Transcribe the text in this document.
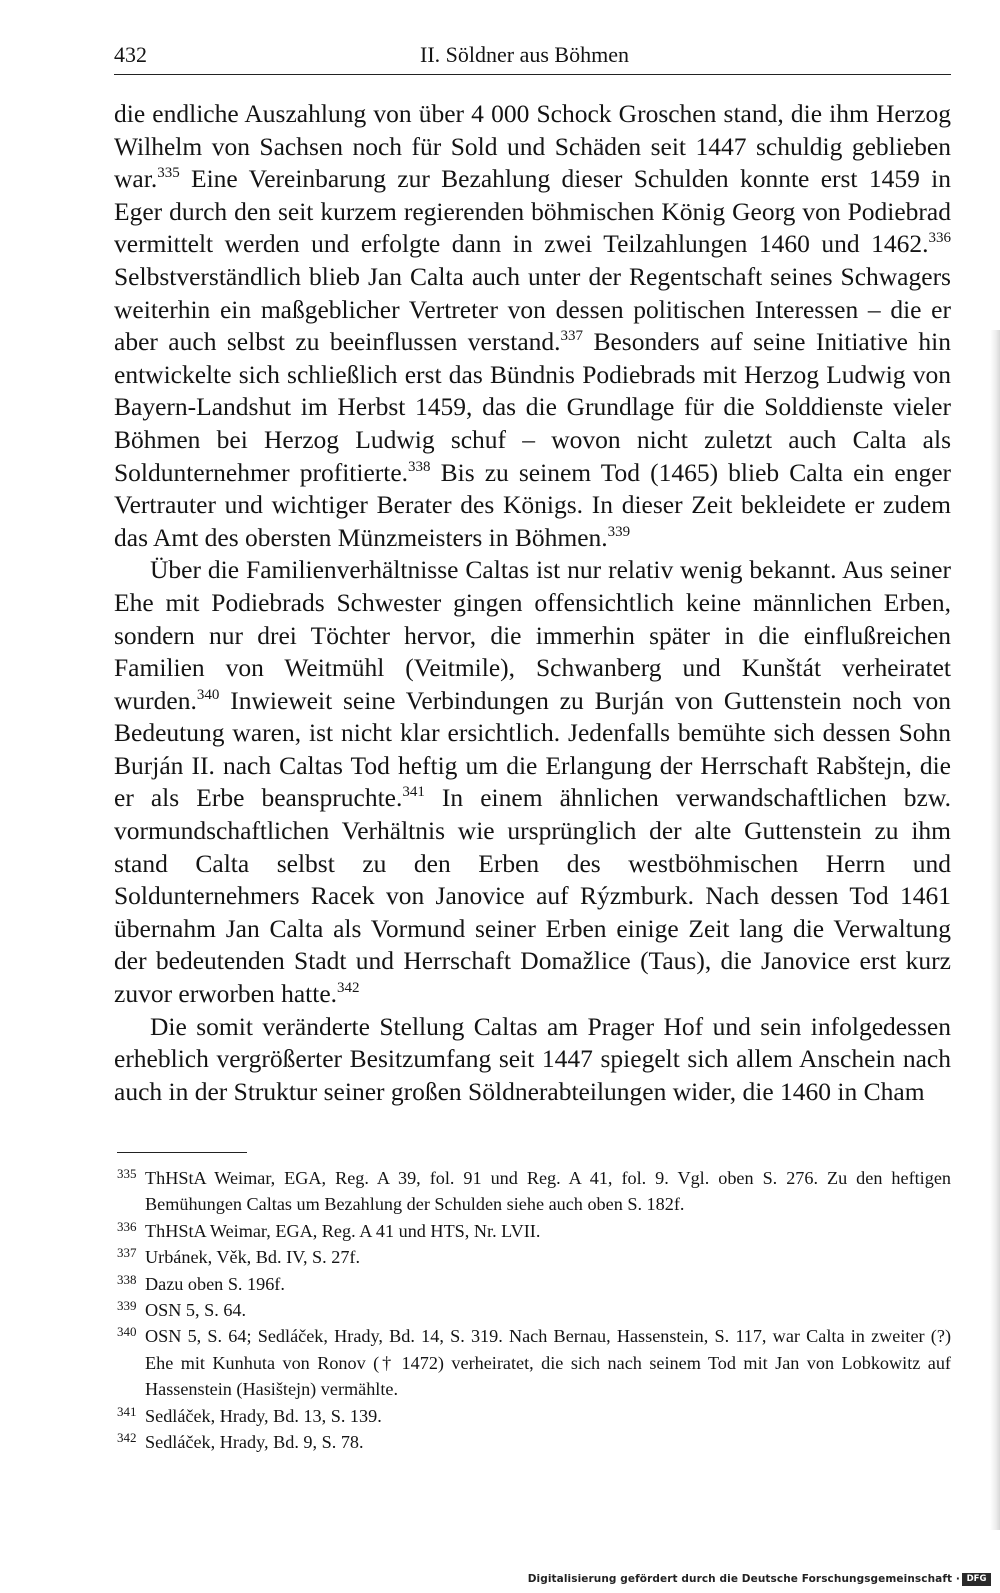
432	II. Söldner aus Böhmen

die endliche Auszahlung von über 4 000 Schock Groschen stand, die ihm Herzog Wilhelm von Sachsen noch für Sold und Schäden seit 1447 schuldig geblieben war.$^{335}$ Eine Vereinbarung zur Bezahlung dieser Schulden konnte erst 1459 in Eger durch den seit kurzem regierenden böhmischen König Georg von Podiebrad vermittelt werden und erfolgte dann in zwei Teilzahlungen 1460 und 1462.$^{336}$ Selbstverständlich blieb Jan Calta auch unter der Regentschaft seines Schwagers weiterhin ein maßgeblicher Vertreter von dessen politischen Interessen – die er aber auch selbst zu beeinflussen verstand.$^{337}$ Besonders auf seine Initiative hin entwickelte sich schließlich erst das Bündnis Podiebrads mit Herzog Ludwig von Bayern-Landshut im Herbst 1459, das die Grundlage für die Solddienste vieler Böhmen bei Herzog Ludwig schuf – wovon nicht zuletzt auch Calta als Soldunternehmer profitierte.$^{338}$ Bis zu seinem Tod (1465) blieb Calta ein enger Vertrauter und wichtiger Berater des Königs. In dieser Zeit bekleidete er zudem das Amt des obersten Münzmeisters in Böhmen.$^{339}$

Über die Familienverhältnisse Caltas ist nur relativ wenig bekannt. Aus seiner Ehe mit Podiebrads Schwester gingen offensichtlich keine männlichen Erben, sondern nur drei Töchter hervor, die immerhin später in die einflußreichen Familien von Weitmühl (Veitmile), Schwanberg und Kunštát verheiratet wurden.$^{340}$ Inwieweit seine Verbindungen zu Burján von Guttenstein noch von Bedeutung waren, ist nicht klar ersichtlich. Jedenfalls bemühte sich dessen Sohn Burján II. nach Caltas Tod heftig um die Erlangung der Herrschaft Rabštejn, die er als Erbe beanspruchte.$^{341}$ In einem ähnlichen verwandschaftlichen bzw. vormundschaftlichen Verhältnis wie ursprünglich der alte Guttenstein zu ihm stand Calta selbst zu den Erben des westböhmischen Herrn und Soldunternehmers Racek von Janovice auf Rýzmburk. Nach dessen Tod 1461 übernahm Jan Calta als Vormund seiner Erben einige Zeit lang die Verwaltung der bedeutenden Stadt und Herrschaft Domažlice (Taus), die Janovice erst kurz zuvor erworben hatte.$^{342}$

Die somit veränderte Stellung Caltas am Prager Hof und sein infolgedessen erheblich vergrößerter Besitzumfang seit 1447 spiegelt sich allem Anschein nach auch in der Struktur seiner großen Söldnerabteilungen wider, die 1460 in Cham

335 ThHStA Weimar, EGA, Reg. A 39, fol. 91 und Reg. A 41, fol. 9. Vgl. oben S. 276. Zu den heftigen Bemühungen Caltas um Bezahlung der Schulden siehe auch oben S. 182f.
336 ThHStA Weimar, EGA, Reg. A 41 und HTS, Nr. LVII.
337 Urbánek, Věk, Bd. IV, S. 27f.
338 Dazu oben S. 196f.
339 OSN 5, S. 64.
340 OSN 5, S. 64; Sedláček, Hrady, Bd. 14, S. 319. Nach Bernau, Hassenstein, S. 117, war Calta in zweiter (?) Ehe mit Kunhuta von Ronov († 1472) verheiratet, die sich nach seinem Tod mit Jan von Lobkowitz auf Hassenstein (Hasištejn) vermählte.
341 Sedláček, Hrady, Bd. 13, S. 139.
342 Sedláček, Hrady, Bd. 9, S. 78.
Digitalisierung gefördert durch die Deutsche Forschungsgemeinschaft · DFG
